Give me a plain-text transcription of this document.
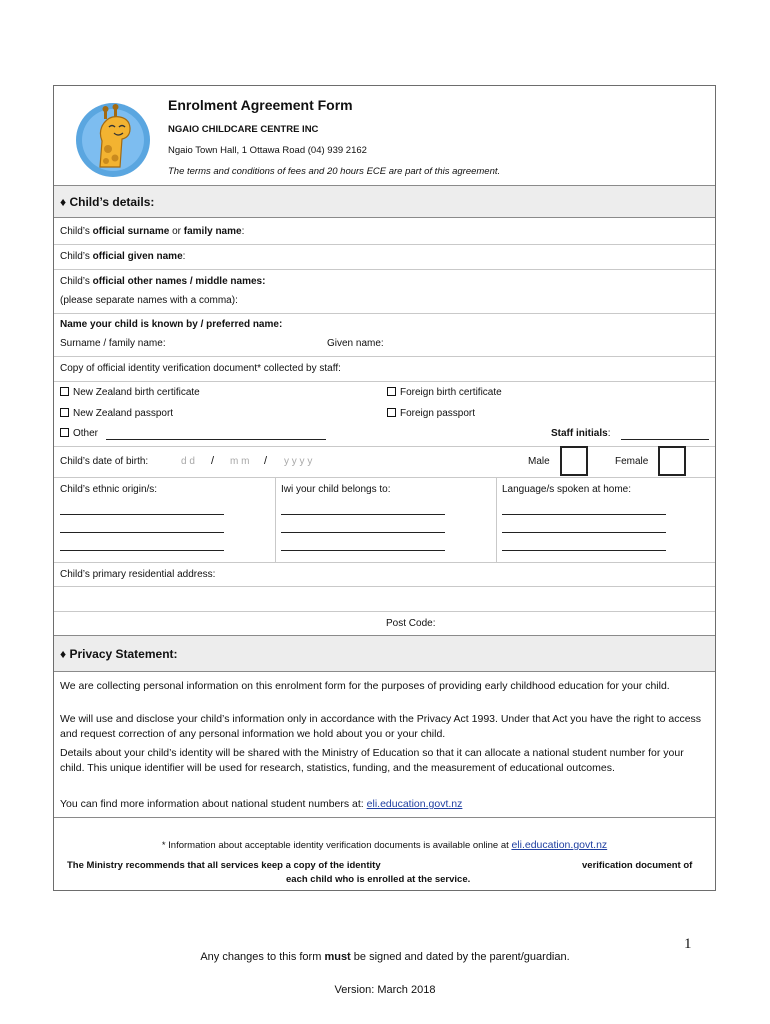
Enrolment Agreement Form
NGAIO CHILDCARE CENTRE INC
Ngaio Town Hall, 1 Ottawa Road (04) 939 2162
The terms and conditions of fees and 20 hours ECE are part of this agreement.
♦ Child’s details:
Child’s official surname or family name:
Child’s official given name:
Child’s official other names / middle names:
(please separate names with a comma):
Name your child is known by / preferred name:
Surname / family name:	Given name:
Copy of official identity verification document* collected by staff:
New Zealand birth certificate	Foreign birth certificate
New Zealand passport	Foreign passport
Other	Staff initials:
Child’s date of birth:	d d / m m / y y y y	Male	Female
Child’s ethnic origin/s:	Iwi your child belongs to:	Language/s spoken at home:
Child’s primary residential address:
Post Code:
♦ Privacy Statement:
We are collecting personal information on this enrolment form for the purposes of providing early childhood education for your child.
We will use and disclose your child’s information only in accordance with the Privacy Act 1993. Under that Act you have the right to access and request correction of any personal information we hold about you or your child.
Details about your child’s identity will be shared with the Ministry of Education so that it can allocate a national student number for your child. This unique identifier will be used for research, statistics, funding, and the measurement of educational outcomes.
You can find more information about national student numbers at: eli.education.govt.nz
* Information about acceptable identity verification documents is available online at eli.education.govt.nz
The Ministry recommends that all services keep a copy of the identity	verification document of
each child who is enrolled at the service.
1
Any changes to this form must be signed and dated by the parent/guardian.
Version: March 2018
